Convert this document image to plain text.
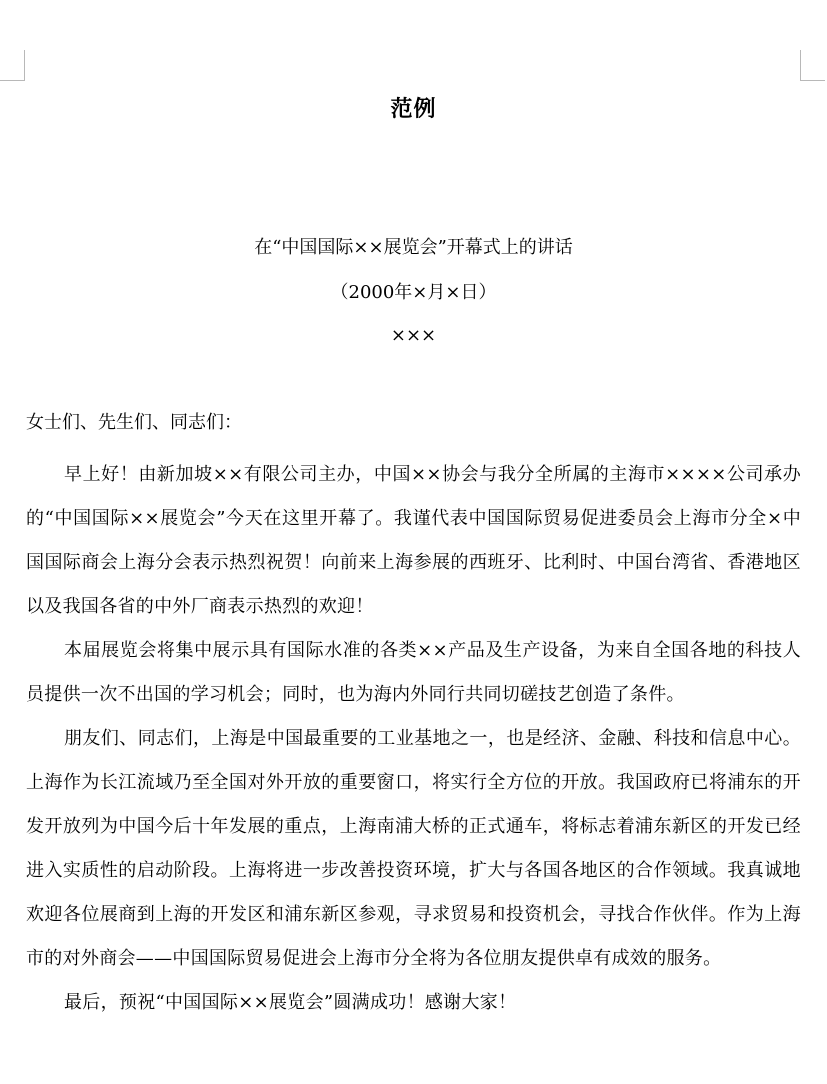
范例
在“中国国际××展览会”开幕式上的讲话
（2000年×月×日）
×××
女士们、先生们、同志们：

早上好！由新加坡××有限公司主办，中国××协会与我分全所属的主海市××××公司承办的“中国国际××展览会”今天在这里开幕了。我谨代表中国国际贸易促进委员会上海市分全×中国国际商会上海分会表示热烈祝贺！向前来上海参展的西班牙、比利时、中国台湾省、香港地区以及我国各省的中外厂商表示热烈的欢迎！

本届展览会将集中展示具有国际水准的各类××产品及生产设备，为来自全国各地的科技人员提供一次不出国的学习机会；同时，也为海内外同行共同切磋技艺创造了条件。

朋友们、同志们，上海是中国最重要的工业基地之一，也是经济、金融、科技和信息中心。上海作为长江流域乃至全国对外开放的重要窗口，将实行全方位的开放。我国政府已将浦东的开发开放列为中国今后十年发展的重点，上海南浦大桥的正式通车，将标志着浦东新区的开发已经进入实质性的启动阶段。上海将进一步改善投资环境，扩大与各国各地区的合作领域。我真诚地欢迎各位展商到上海的开发区和浦东新区参观，寻求贸易和投资机会，寻找合作伙伴。作为上海市的对外商会——中国国际贸易促进会上海市分全将为各位朋友提供卓有成效的服务。

最后，预祝“中国国际××展览会”圆满成功！感谢大家！
